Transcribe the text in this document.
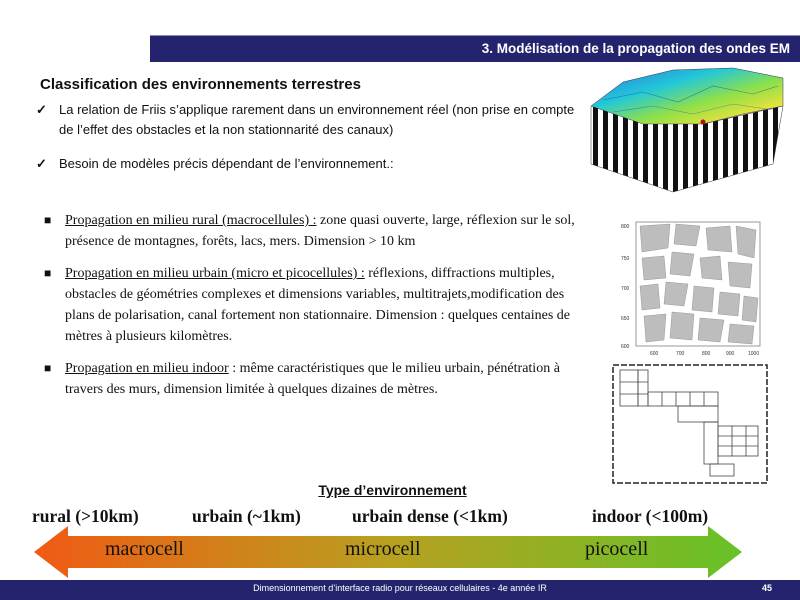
3. Modélisation de la propagation des ondes EM
Classification des environnements terrestres
✓ La relation de Friis s’applique rarement dans un environnement réel (non prise en compte de l’effet des obstacles et la non stationnarité des canaux)
✓ Besoin de modèles précis dépendant de l’environnement.:
■ Propagation en milieu rural (macrocellules) : zone quasi ouverte, large, réflexion sur le sol, présence de montagnes, forêts, lacs, mers. Dimension > 10 km
■ Propagation en milieu urbain (micro et picocellules) : réflexions, diffractions multiples, obstacles de géométries complexes et dimensions variables, multitrajets,modification des plans de polarisation, canal fortement non stationnaire. Dimension : quelques centaines de mètres à plusieurs kilomètres.
■ Propagation en milieu indoor : même caractéristiques que le milieu urbain, pénétration à travers des murs, dimension limitée à quelques dizaines de mètres.
800
750
700
650
600
600	700	800	900	1000
Type d’environnement
rural (>10km)	urbain (~1km)	urbain dense (<1km)	indoor (<100m)
macrocell	microcell	picocell
Dimensionnement d’interface radio pour réseaux cellulaires - 4e année IR	45
